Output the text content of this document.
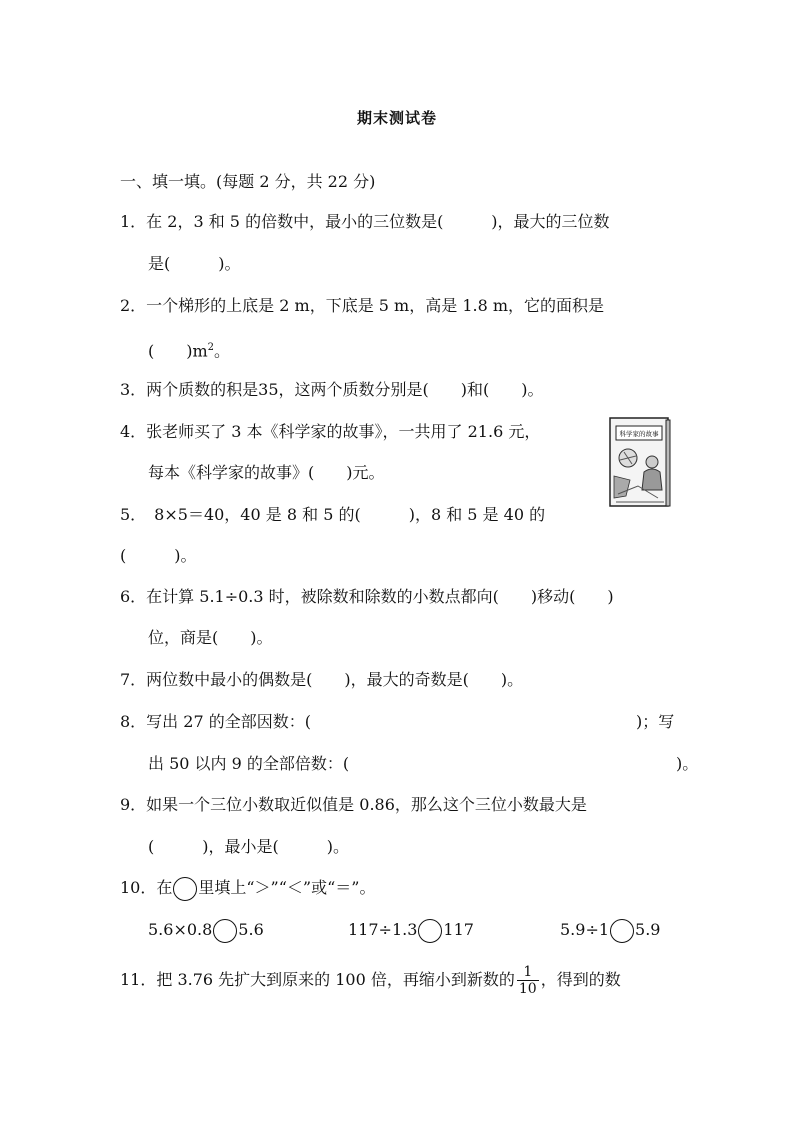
期末测试卷
一、填一填。(每题 2 分，共 22 分)
1．在 2，3 和 5 的倍数中，最小的三位数是(　　　)，最大的三位数
是(　　　)。
2．一个梯形的上底是 2 m，下底是 5 m，高是 1.8 m，它的面积是
(　　)$m^2$。
3．两个质数的积是35，这两个质数分别是(　　)和(　　)。
4．张老师买了 3 本《科学家的故事》，一共用了 21.6 元，
每本《科学家的故事》(　　)元。
科学家的故事
5．　8×5＝40，40 是 8 和 5 的(　　　)，8 和 5 是 40 的
(　　　)。
6．在计算 5.1÷0.3 时，被除数和除数的小数点都向(　　)移动(　　)
位，商是(　　)。
7．两位数中最小的偶数是(　　)，最大的奇数是(　　)。
8．写出 27 的全部因数：(	)；写
出 50 以内 9 的全部倍数：(	)。
9．如果一个三位小数取近似值是 0.86，那么这个三位小数最大是
(　　　)，最小是(　　　)。
10．在 里填上“＞”“＜”或“＝”。
5.6×0.8 5.6	117÷1.3 117	5.9÷1 5.9
11．把 3.76 先扩大到原来的 100 倍，再缩小到新数的 $\frac{1}{10}$ ，得到的数
